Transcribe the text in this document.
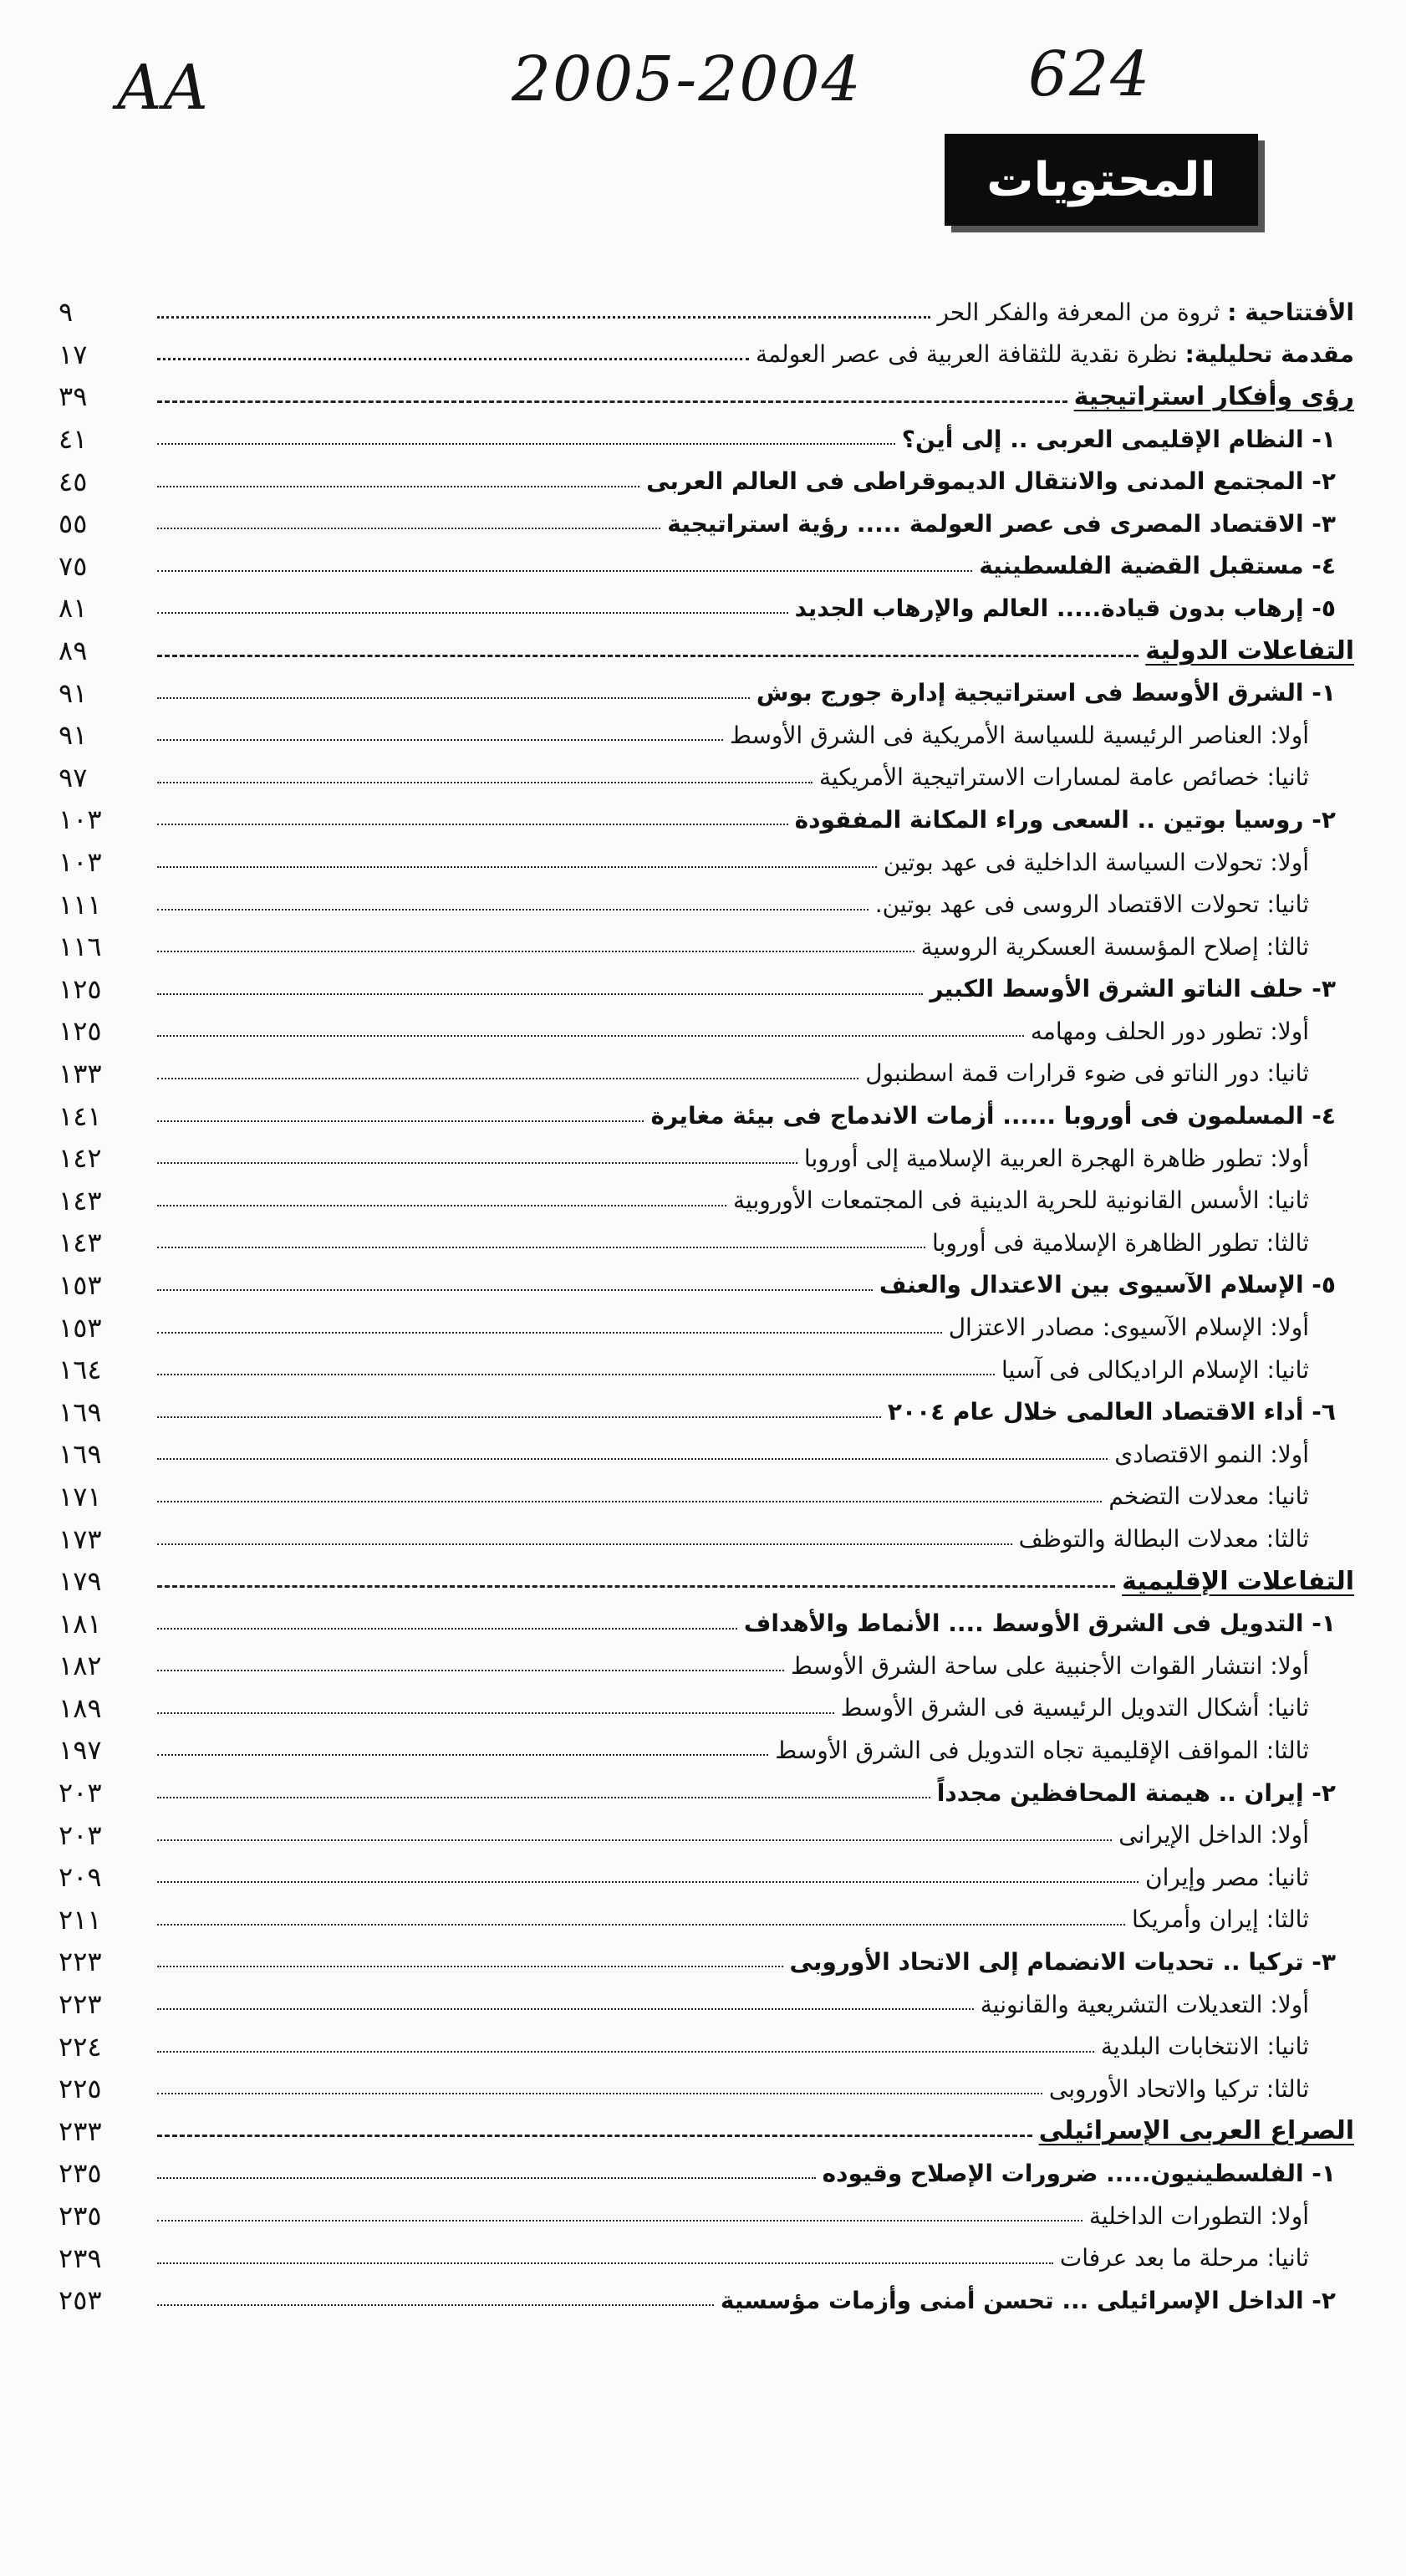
AA	2005-2004	624
المحتويات
الأفتتاحية : ثروة من المعرفة والفكر الحر
٩
مقدمة تحليلية: نظرة نقدية للثقافة العربية فى عصر العولمة
١٧
رؤى وأفكار استراتيجية
٣٩
١- النظام الإقليمى العربى .. إلى أين؟
٤١
٢- المجتمع المدنى والانتقال الديموقراطى فى العالم العربى
٤٥
٣- الاقتصاد المصرى فى عصر العولمة ..... رؤية استراتيجية
٥٥
٤- مستقبل القضية الفلسطينية
٧٥
٥- إرهاب بدون قيادة..... العالم والإرهاب الجديد
٨١
التفاعلات الدولية
٨٩
١- الشرق الأوسط فى استراتيجية إدارة جورج بوش
٩١
أولا: العناصر الرئيسية للسياسة الأمريكية فى الشرق الأوسط
٩١
ثانيا: خصائص عامة لمسارات الاستراتيجية الأمريكية
٩٧
٢- روسيا بوتين .. السعى وراء المكانة المفقودة
١٠٣
أولا: تحولات السياسة الداخلية فى عهد بوتين
١٠٣
ثانيا: تحولات الاقتصاد الروسى فى عهد بوتين.
١١١
ثالثا: إصلاح المؤسسة العسكرية الروسية
١١٦
٣- حلف الناتو الشرق الأوسط الكبير
١٢٥
أولا: تطور دور الحلف ومهامه
١٢٥
ثانيا: دور الناتو فى ضوء قرارات قمة اسطنبول
١٣٣
٤- المسلمون فى أوروبا ...... أزمات الاندماج فى بيئة مغايرة
١٤١
أولا: تطور ظاهرة الهجرة العربية الإسلامية إلى أوروبا
١٤٢
ثانيا: الأسس القانونية للحرية الدينية فى المجتمعات الأوروبية
١٤٣
ثالثا: تطور الظاهرة الإسلامية فى أوروبا
١٤٣
٥- الإسلام الآسيوى بين الاعتدال والعنف
١٥٣
أولا: الإسلام الآسيوى: مصادر الاعتزال
١٥٣
ثانيا: الإسلام الراديكالى فى آسيا
١٦٤
٦- أداء الاقتصاد العالمى خلال عام ٢٠٠٤
١٦٩
أولا: النمو الاقتصادى
١٦٩
ثانيا: معدلات التضخم
١٧١
ثالثا: معدلات البطالة والتوظف
١٧٣
التفاعلات الإقليمية
١٧٩
١- التدويل فى الشرق الأوسط .... الأنماط والأهداف
١٨١
أولا: انتشار القوات الأجنبية على ساحة الشرق الأوسط
١٨٢
ثانيا: أشكال التدويل الرئيسية فى الشرق الأوسط
١٨٩
ثالثا: المواقف الإقليمية تجاه التدويل فى الشرق الأوسط
١٩٧
٢- إيران .. هيمنة المحافظين مجدداً
٢٠٣
أولا: الداخل الإيرانى
٢٠٣
ثانيا: مصر وإيران
٢٠٩
ثالثا: إيران وأمريكا
٢١١
٣- تركيا .. تحديات الانضمام إلى الاتحاد الأوروبى
٢٢٣
أولا: التعديلات التشريعية والقانونية
٢٢٣
ثانيا: الانتخابات البلدية
٢٢٤
ثالثا: تركيا والاتحاد الأوروبى
٢٢٥
الصراع العربى الإسرائيلى
٢٣٣
١- الفلسطينيون..... ضرورات الإصلاح وقيوده
٢٣٥
أولا: التطورات الداخلية
٢٣٥
ثانيا: مرحلة ما بعد عرفات
٢٣٩
٢- الداخل الإسرائيلى ... تحسن أمنى وأزمات مؤسسية
٢٥٣
